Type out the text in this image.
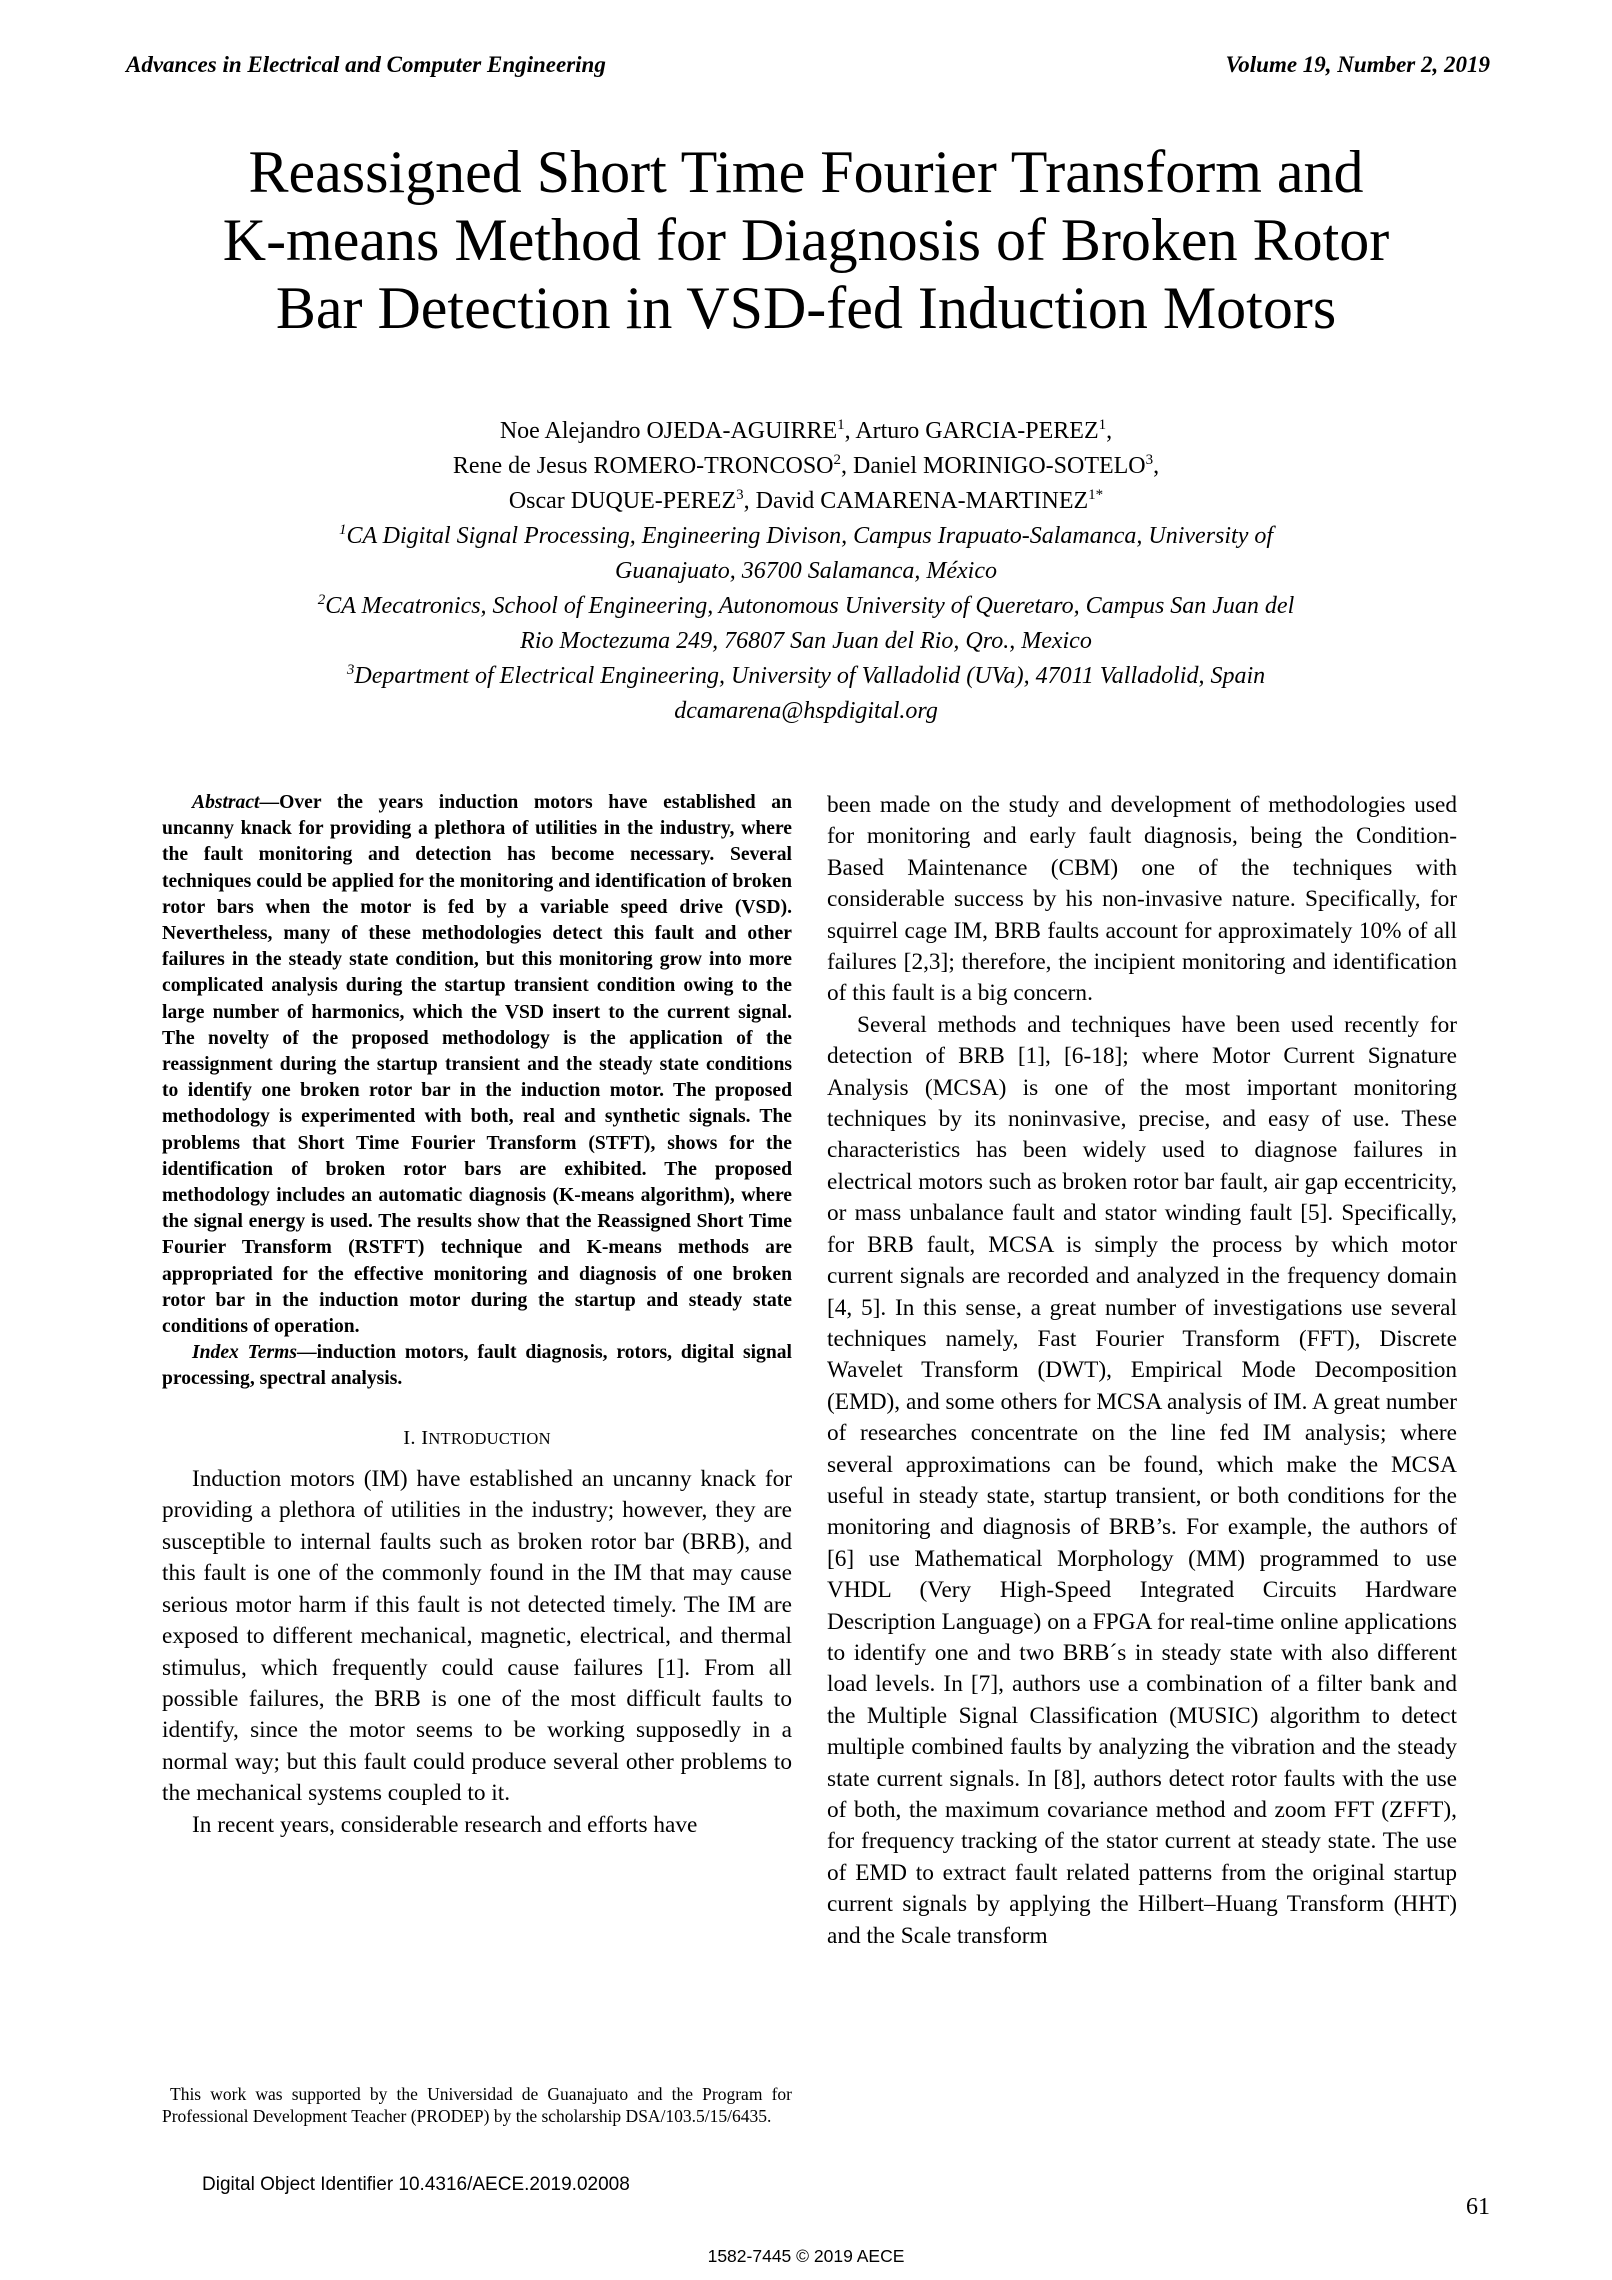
Advances in Electrical and Computer Engineering	Volume 19, Number 2, 2019
Reassigned Short Time Fourier Transform and
K-means Method for Diagnosis of Broken Rotor
Bar Detection in VSD-fed Induction Motors
Noe Alejandro OJEDA-AGUIRRE$^1$, Arturo GARCIA-PEREZ$^1$,
Rene de Jesus ROMERO-TRONCOSO$^2$, Daniel MORINIGO-SOTELO$^3$,
Oscar DUQUE-PEREZ$^3$, David CAMARENA-$MARTINEZ^{1*}$
$^1$CA Digital Signal Processing, Engineering Divison, Campus Irapuato-Salamanca, University of
Guanajuato, 36700 Salamanca, México
$^2$CA Mecatronics, School of Engineering, Autonomous University of Queretaro, Campus San Juan del
Rio Moctezuma 249, 76807 San Juan del Rio, Qro., Mexico
$^3$Department of Electrical Engineering, University of Valladolid (UVa), 47011 Valladolid, Spain
dcamarena@hspdigital.org

Abstract—Over the years induction motors have established an uncanny knack for providing a plethora of utilities in the industry, where the fault monitoring and detection has become necessary. Several techniques could be applied for the monitoring and identification of broken rotor bars when the motor is fed by a variable speed drive (VSD). Nevertheless, many of these methodologies detect this fault and other failures in the steady state condition, but this monitoring grow into more complicated analysis during the startup transient condition owing to the large number of harmonics, which the VSD insert to the current signal. The novelty of the proposed methodology is the application of the reassignment during the startup transient and the steady state conditions to identify one broken rotor bar in the induction motor. The proposed methodology is experimented with both, real and synthetic signals. The problems that Short Time Fourier Transform (STFT), shows for the identification of broken rotor bars are exhibited. The proposed methodology includes an automatic diagnosis (K-means algorithm), where the signal energy is used. The results show that the Reassigned Short Time Fourier Transform (RSTFT) technique and K-means methods are appropriated for the effective monitoring and diagnosis of one broken rotor bar in the induction motor during the startup and steady state conditions of operation.

Index Terms—induction motors, fault diagnosis, rotors, digital signal processing, spectral analysis.

I. INTRODUCTION

Induction motors (IM) have established an uncanny knack for providing a plethora of utilities in the industry; however, they are susceptible to internal faults such as broken rotor bar (BRB), and this fault is one of the commonly found in the IM that may cause serious motor harm if this fault is not detected timely. The IM are exposed to different mechanical, magnetic, electrical, and thermal stimulus, which frequently could cause failures [1]. From all possible failures, the BRB is one of the most difficult faults to identify, since the motor seems to be working supposedly in a normal way; but this fault could produce several other problems to the mechanical systems coupled to it.

In recent years, considerable research and efforts have

This work was supported by the Universidad de Guanajuato and the Program for Professional Development Teacher (PRODEP) by the scholarship DSA/103.5/15/6435.

been made on the study and development of methodologies used for monitoring and early fault diagnosis, being the Condition-Based Maintenance (CBM) one of the techniques with considerable success by his non-invasive nature. Specifically, for squirrel cage IM, BRB faults account for approximately 10% of all failures [2,3]; therefore, the incipient monitoring and identification of this fault is a big concern.

Several methods and techniques have been used recently for detection of BRB [1], [6-18]; where Motor Current Signature Analysis (MCSA) is one of the most important monitoring techniques by its noninvasive, precise, and easy of use. These characteristics has been widely used to diagnose failures in electrical motors such as broken rotor bar fault, air gap eccentricity, or mass unbalance fault and stator winding fault [5]. Specifically, for BRB fault, MCSA is simply the process by which motor current signals are recorded and analyzed in the frequency domain [4, 5]. In this sense, a great number of investigations use several techniques namely, Fast Fourier Transform (FFT), Discrete Wavelet Transform (DWT), Empirical Mode Decomposition (EMD), and some others for MCSA analysis of IM. A great number of researches concentrate on the line fed IM analysis; where several approximations can be found, which make the MCSA useful in steady state, startup transient, or both conditions for the monitoring and diagnosis of BRB’s. For example, the authors of [6] use Mathematical Morphology (MM) programmed to use VHDL (Very High-Speed Integrated Circuits Hardware Description Language) on a FPGA for real-time online applications to identify one and two BRB´s in steady state with also different load levels. In [7], authors use a combination of a filter bank and the Multiple Signal Classification (MUSIC) algorithm to detect multiple combined faults by analyzing the vibration and the steady state current signals. In [8], authors detect rotor faults with the use of both, the maximum covariance method and zoom FFT (ZFFT), for frequency tracking of the stator current at steady state. The use of EMD to extract fault related patterns from the original startup current signals by applying the Hilbert–Huang Transform (HHT) and the Scale transform

Digital Object Identifier 10.4316/AECE.2019.02008
61
1582-7445 © 2019 AECE
